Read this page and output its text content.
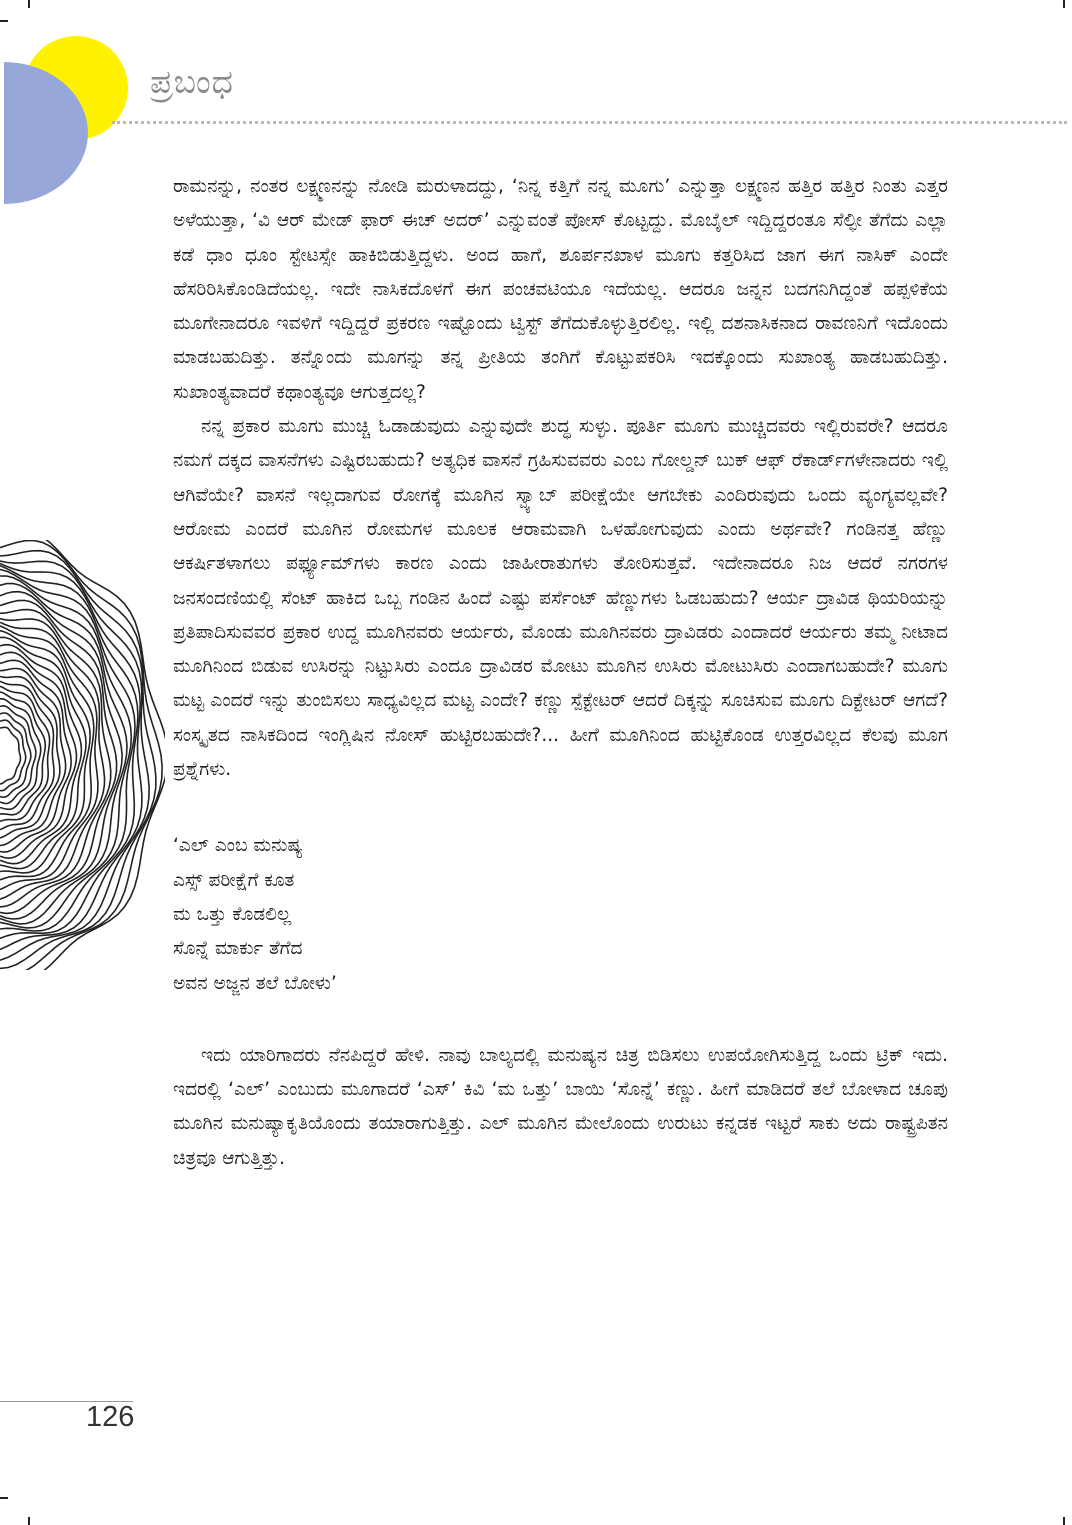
ಪ್ರಬಂಧ

ರಾಮನನ್ನು, ನಂತರ ಲಕ್ಷ್ಮಣನನ್ನು ನೋಡಿ ಮರುಳಾದದ್ದು, ‘ನಿನ್ನ ಕತ್ತಿಗೆ ನನ್ನ ಮೂಗು’ ಎನ್ನುತ್ತಾ ಲಕ್ಷ್ಮಣನ ಹತ್ತಿರ ಹತ್ತಿರ ನಿಂತು ಎತ್ತರ ಅಳೆಯುತ್ತಾ, ‘ವಿ ಆರ್ ಮೇಡ್ ಫಾರ್ ಈಚ್ ಅದರ್’ ಎನ್ನುವಂತೆ ಪೋಸ್ ಕೊಟ್ಟದ್ದು. ಮೊಬೈಲ್ ಇದ್ದಿದ್ದರಂತೂ ಸೆಲ್ಫೀ ತೆಗೆದು ಎಲ್ಲಾ ಕಡೆ ಧಾಂ ಧೂಂ ಸ್ಟೇಟಸ್ಸೇ ಹಾಕಿಬಿಡುತ್ತಿದ್ದಳು. ಅಂದ ಹಾಗೆ, ಶೂರ್ಪನಖಾಳ ಮೂಗು ಕತ್ತರಿಸಿದ ಜಾಗ ಈಗ ನಾಸಿಕ್ ಎಂದೇ ಹೆಸರಿರಿಸಿಕೊಂಡಿದೆಯಲ್ಲ. ಇದೇ ನಾಸಿಕದೊಳಗೆ ಈಗ ಪಂಚವಟಿಯೂ ಇದೆಯಲ್ಲ. ಆದರೂ ಜನ್ನನ ಬದಗನಿಗಿದ್ದಂತೆ ಹಪ್ಪಳಿಕೆಯ ಮೂಗೇನಾದರೂ ಇವಳಿಗೆ ಇದ್ದಿದ್ದರೆ ಪ್ರಕರಣ ಇಷ್ಟೊಂದು ಟ್ವಿಸ್ಟ್ ತೆಗೆದುಕೊಳ್ಳುತ್ತಿರಲಿಲ್ಲ. ಇಲ್ಲಿ ದಶನಾಸಿಕನಾದ ರಾವಣನಿಗೆ ಇದೊಂದು ಮಾಡಬಹುದಿತ್ತು. ತನ್ನೊಂದು ಮೂಗನ್ನು ತನ್ನ ಪ್ರೀತಿಯ ತಂಗಿಗೆ ಕೊಟ್ಟುಪಕರಿಸಿ ಇದಕ್ಕೊಂದು ಸುಖಾಂತ್ಯ ಹಾಡಬಹುದಿತ್ತು. ಸುಖಾಂತ್ಯವಾದರೆ ಕಥಾಂತ್ಯವೂ ಆಗುತ್ತದಲ್ಲ?

ನನ್ನ ಪ್ರಕಾರ ಮೂಗು ಮುಚ್ಚಿ ಓಡಾಡುವುದು ಎನ್ನುವುದೇ ಶುದ್ಧ ಸುಳ್ಳು. ಪೂರ್ತಿ ಮೂಗು ಮುಚ್ಚಿದವರು ಇಲ್ಲಿರುವರೇ? ಆದರೂ ನಮಗೆ ದಕ್ಕದ ವಾಸನೆಗಳು ಎಷ್ಟಿರಬಹುದು? ಅತ್ಯಧಿಕ ವಾಸನೆ ಗ್ರಹಿಸುವವರು ಎಂಬ ಗೋಲ್ಡನ್ ಬುಕ್ ಆಫ್ ರೆಕಾರ್ಡ್‌ಗಳೇನಾದರು ಇಲ್ಲಿ ಆಗಿವೆಯೇ? ವಾಸನೆ ಇಲ್ಲದಾಗುವ ರೋಗಕ್ಕೆ ಮೂಗಿನ ಸ್ವ್ಯಾಬ್ ಪರೀಕ್ಷೆಯೇ ಆಗಬೇಕು ಎಂದಿರುವುದು ಒಂದು ವ್ಯಂಗ್ಯವಲ್ಲವೇ? ಆರೋಮ ಎಂದರೆ ಮೂಗಿನ ರೋಮಗಳ ಮೂಲಕ ಆರಾಮವಾಗಿ ಒಳಹೋಗುವುದು ಎಂದು ಅರ್ಥವೇ? ಗಂಡಿನತ್ತ ಹೆಣ್ಣು ಆಕರ್ಷಿತಳಾಗಲು ಪರ್ಫ್ಯೂಮ್‌ಗಳು ಕಾರಣ ಎಂದು ಜಾಹೀರಾತುಗಳು ತೋರಿಸುತ್ತವೆ. ಇದೇನಾದರೂ ನಿಜ ಆದರೆ ನಗರಗಳ ಜನಸಂದಣಿಯಲ್ಲಿ ಸೆಂಟ್ ಹಾಕಿದ ಒಬ್ಬ ಗಂಡಿನ ಹಿಂದೆ ಎಷ್ಟು ಪರ್ಸೆಂಟ್ ಹೆಣ್ಣುಗಳು ಓಡಬಹುದು? ಆರ್ಯ ದ್ರಾವಿಡ ಥಿಯರಿಯನ್ನು ಪ್ರತಿಪಾದಿಸುವವರ ಪ್ರಕಾರ ಉದ್ದ ಮೂಗಿನವರು ಆರ್ಯರು, ಮೊಂಡು ಮೂಗಿನವರು ದ್ರಾವಿಡರು ಎಂದಾದರೆ ಆರ್ಯರು ತಮ್ಮ ನೀಟಾದ ಮೂಗಿನಿಂದ ಬಿಡುವ ಉಸಿರನ್ನು ನಿಟ್ಟುಸಿರು ಎಂದೂ ದ್ರಾವಿಡರ ಮೋಟು ಮೂಗಿನ ಉಸಿರು ಮೋಟುಸಿರು ಎಂದಾಗಬಹುದೇ? ಮೂಗು ಮಟ್ಟ ಎಂದರೆ ಇನ್ನು ತುಂಬಿಸಲು ಸಾಧ್ಯವಿಲ್ಲದ ಮಟ್ಟ ಎಂದೇ? ಕಣ್ಣು ಸ್ಪೆಕ್ಟೇಟರ್ ಆದರೆ ದಿಕ್ಕನ್ನು ಸೂಚಿಸುವ ಮೂಗು ದಿಕ್ಟೇಟರ್ ಆಗದೆ? ಸಂಸ್ಕೃತದ ನಾಸಿಕದಿಂದ ಇಂಗ್ಲಿಷಿನ ನೋಸ್ ಹುಟ್ಟಿರಬಹುದೇ?... ಹೀಗೆ ಮೂಗಿನಿಂದ ಹುಟ್ಟಿಕೊಂಡ ಉತ್ತರವಿಲ್ಲದ ಕೆಲವು ಮೂಗ ಪ್ರಶ್ನೆಗಳು.

‘ಎಲ್ ಎಂಬ ಮನುಷ್ಯ
ಎಸ್ಸ್ ಪರೀಕ್ಷೆಗೆ ಕೂತ
ಮ ಒತ್ತು ಕೊಡಲಿಲ್ಲ
ಸೊನ್ನೆ ಮಾರ್ಕು ತೆಗೆದ
ಅವನ ಅಜ್ಜನ ತಲೆ ಬೋಳು’

ಇದು ಯಾರಿಗಾದರು ನೆನಪಿದ್ದರೆ ಹೇಳಿ. ನಾವು ಬಾಲ್ಯದಲ್ಲಿ ಮನುಷ್ಯನ ಚಿತ್ರ ಬಿಡಿಸಲು ಉಪಯೋಗಿಸುತ್ತಿದ್ದ ಒಂದು ಟ್ರಿಕ್ ಇದು. ಇದರಲ್ಲಿ ‘ಎಲ್’ ಎಂಬುದು ಮೂಗಾದರೆ ‘ಎಸ್’ ಕಿವಿ ‘ಮ ಒತ್ತು’ ಬಾಯಿ ‘ಸೊನ್ನೆ’ ಕಣ್ಣು. ಹೀಗೆ ಮಾಡಿದರೆ ತಲೆ ಬೋಳಾದ ಚೂಪು ಮೂಗಿನ ಮನುಷ್ಯಾಕೃತಿಯೊಂದು ತಯಾರಾಗುತ್ತಿತ್ತು. ಎಲ್ ಮೂಗಿನ ಮೇಲೊಂದು ಉರುಟು ಕನ್ನಡಕ ಇಟ್ಟರೆ ಸಾಕು ಅದು ರಾಷ್ಟ್ರಪಿತನ ಚಿತ್ರವೂ ಆಗುತ್ತಿತ್ತು.

126
